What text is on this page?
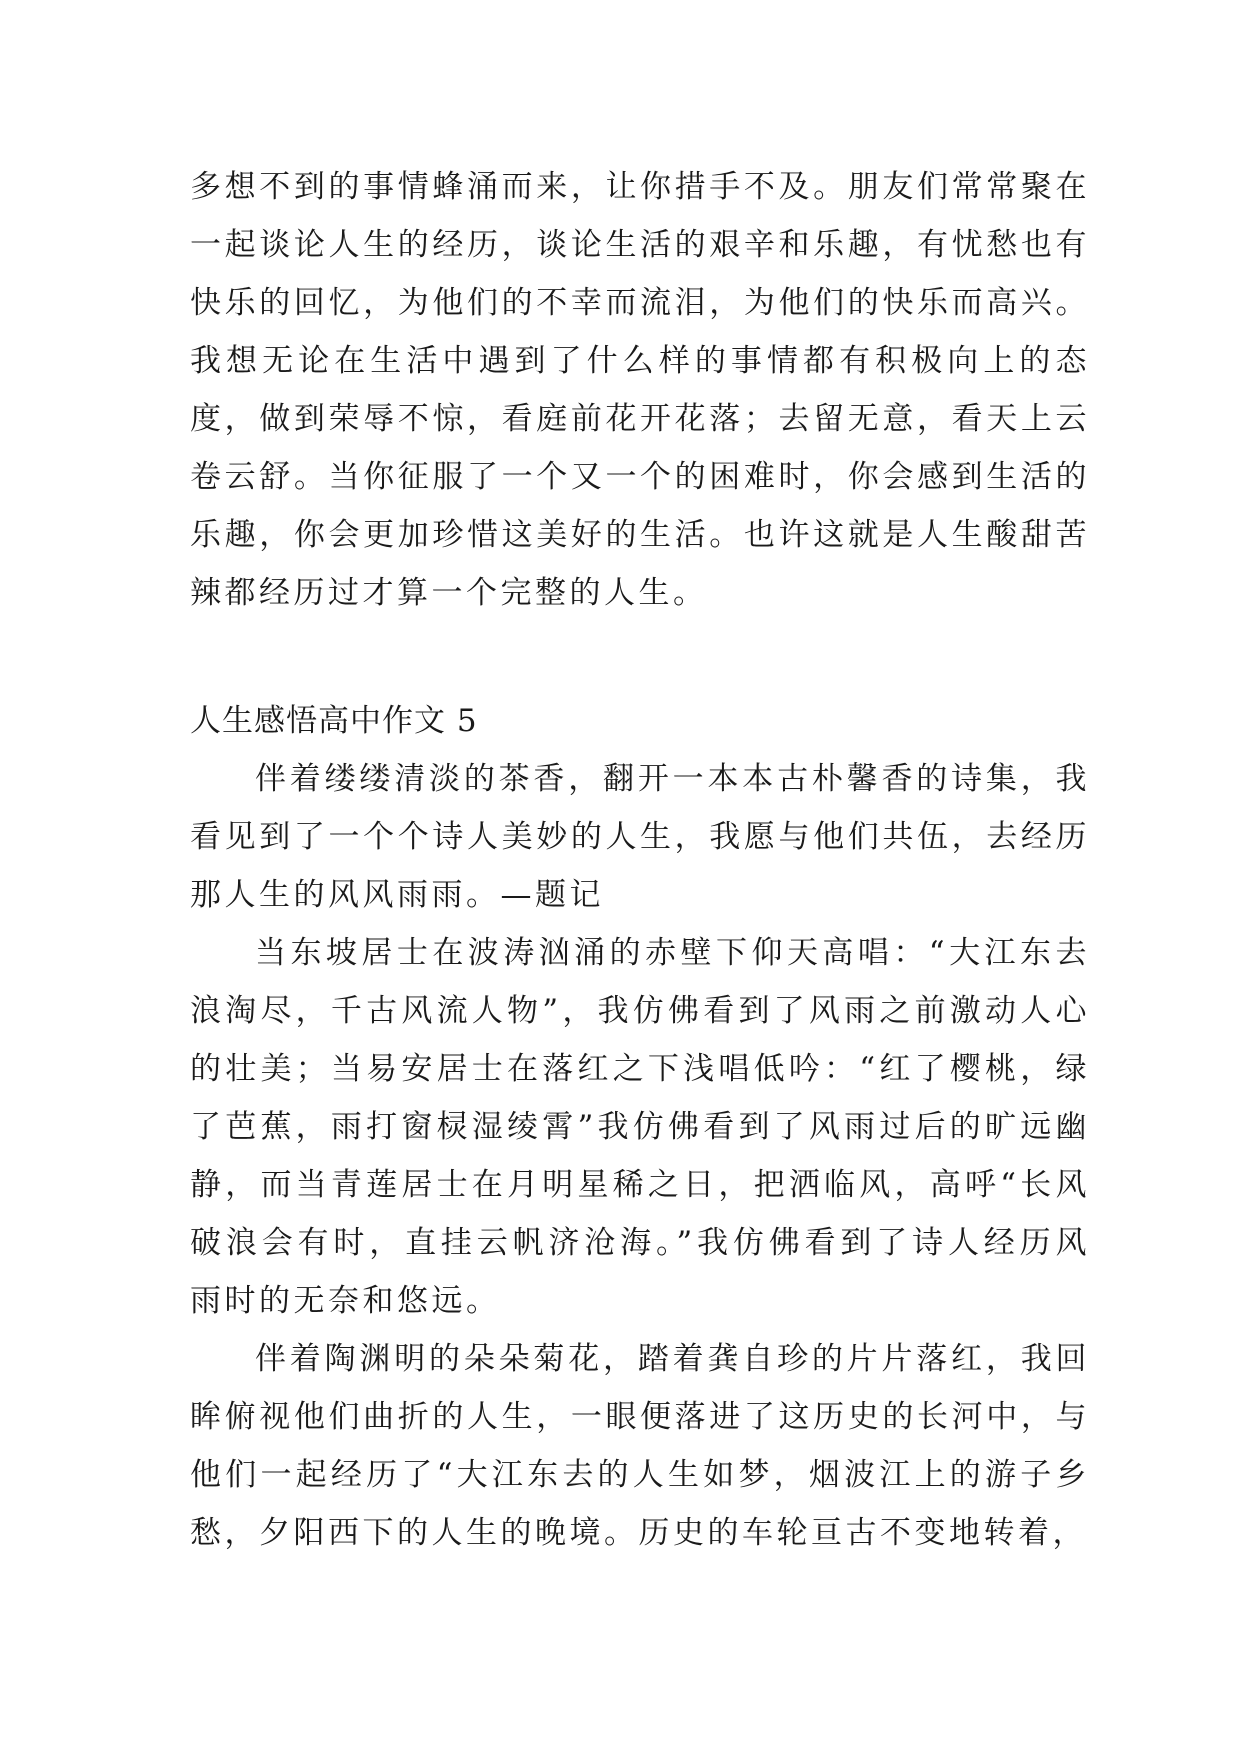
多想不到的事情蜂涌而来，让你措手不及。朋友们常常聚在一起谈论人生的经历，谈论生活的艰辛和乐趣，有忧愁也有快乐的回忆，为他们的不幸而流泪，为他们的快乐而高兴。我想无论在生活中遇到了什么样的事情都有积极向上的态度，做到荣辱不惊，看庭前花开花落；去留无意，看天上云卷云舒。当你征服了一个又一个的困难时，你会感到生活的乐趣，你会更加珍惜这美好的生活。也许这就是人生酸甜苦辣都经历过才算一个完整的人生。

人生感悟高中作文 5

伴着缕缕清淡的茶香，翻开一本本古朴馨香的诗集，我看见到了一个个诗人美妙的人生，我愿与他们共伍，去经历那人生的风风雨雨。—题记

当东坡居士在波涛汹涌的赤壁下仰天高唱：“大江东去浪淘尽，千古风流人物”，我仿佛看到了风雨之前激动人心的壮美；当易安居士在落红之下浅唱低吟：“红了樱桃，绿了芭蕉，雨打窗棂湿绫霄”我仿佛看到了风雨过后的旷远幽静，而当青莲居士在月明星稀之日，把洒临风，高呼“长风破浪会有时，直挂云帆济沧海。”我仿佛看到了诗人经历风雨时的无奈和悠远。

伴着陶渊明的朵朵菊花，踏着龚自珍的片片落红，我回眸俯视他们曲折的人生，一眼便落进了这历史的长河中，与他们一起经历了“大江东去的人生如梦，烟波江上的游子乡愁，夕阳西下的人生的晚境。历史的车轮亘古不变地转着，
